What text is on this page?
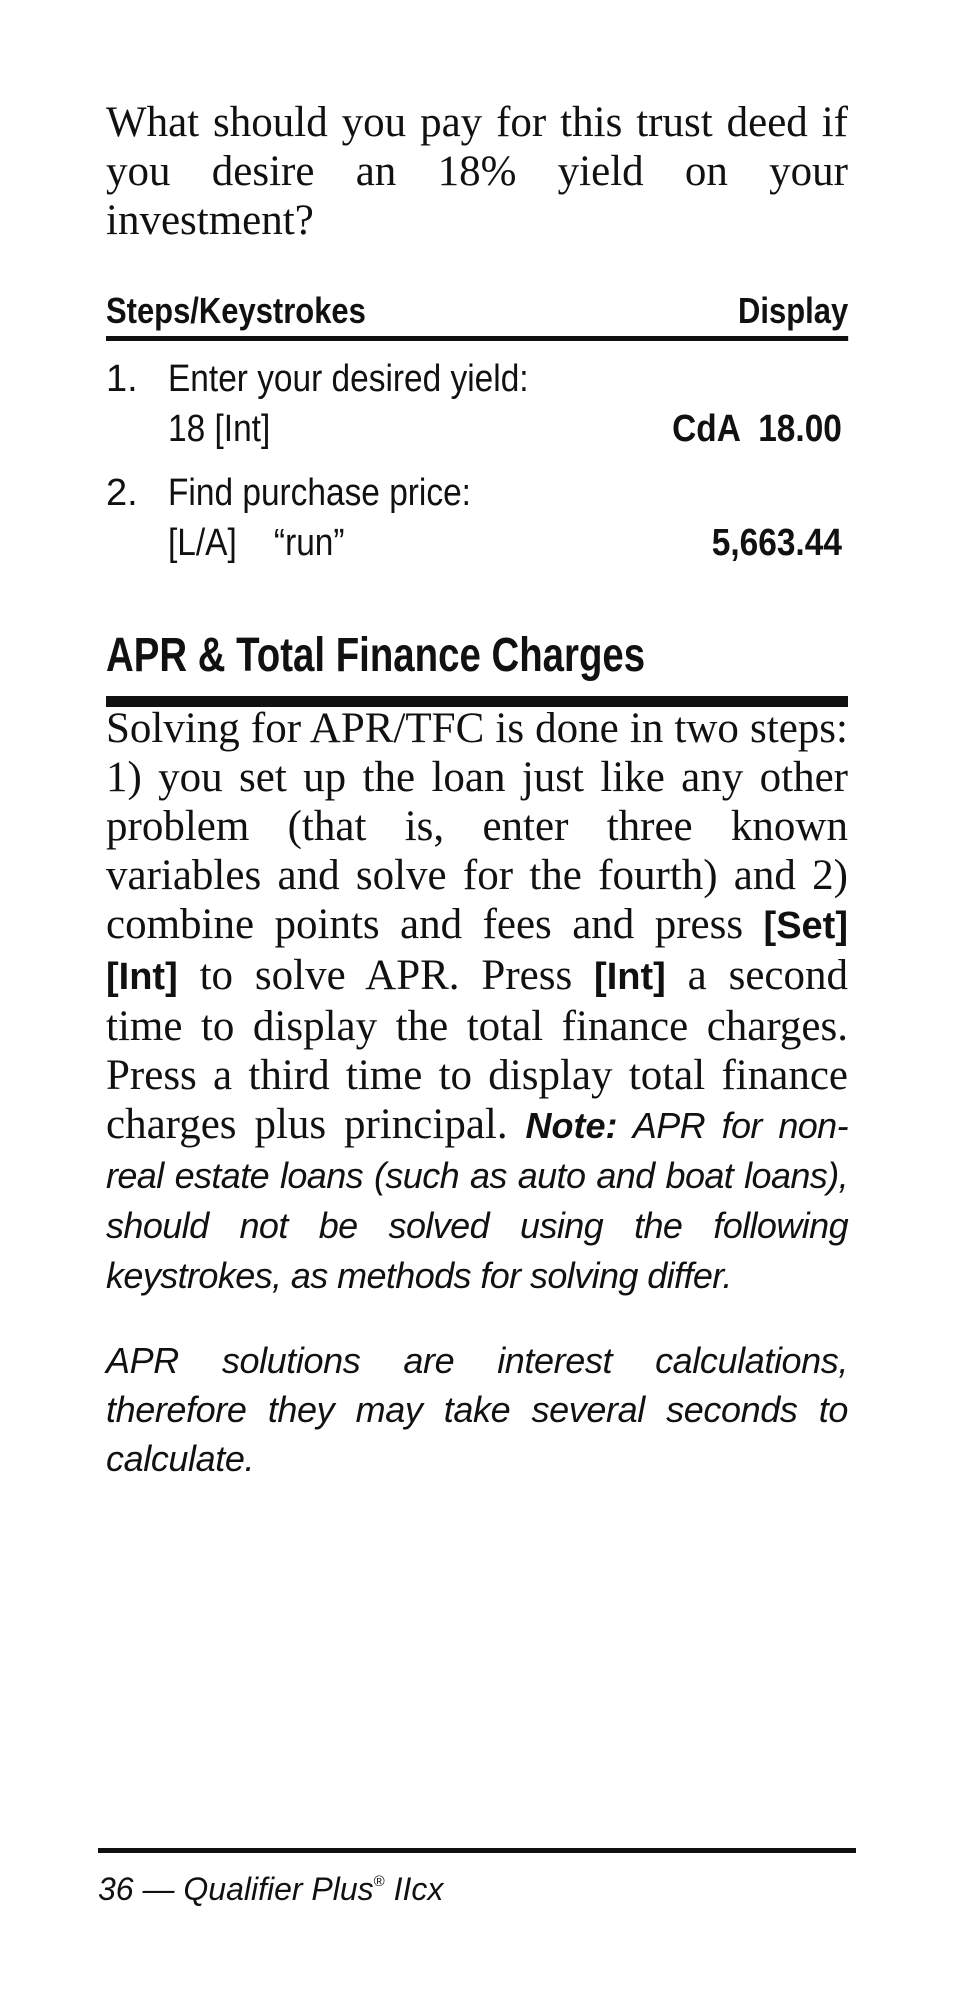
What should you pay for this trust deed if you desire an 18% yield on your investment?
Steps/Keystrokes	Display
1. Enter your desired yield:
18 [Int]	CdA  18.00
2. Find purchase price:
[L/A]    “run”	5,663.44
APR & Total Finance Charges
Solving for APR/TFC is done in two steps: 1) you set up the loan just like any other problem (that is, enter three known variables and solve for the fourth) and 2) combine points and fees and press [Set] [Int] to solve APR. Press [Int] a second time to display the total finance charges. Press a third time to display total finance charges plus principal. Note: APR for non-real estate loans (such as auto and boat loans), should not be solved using the following keystrokes, as methods for solving differ.
APR solutions are interest calculations, therefore they may take several seconds to calculate.
36 — Qualifier Plus® IIcx
